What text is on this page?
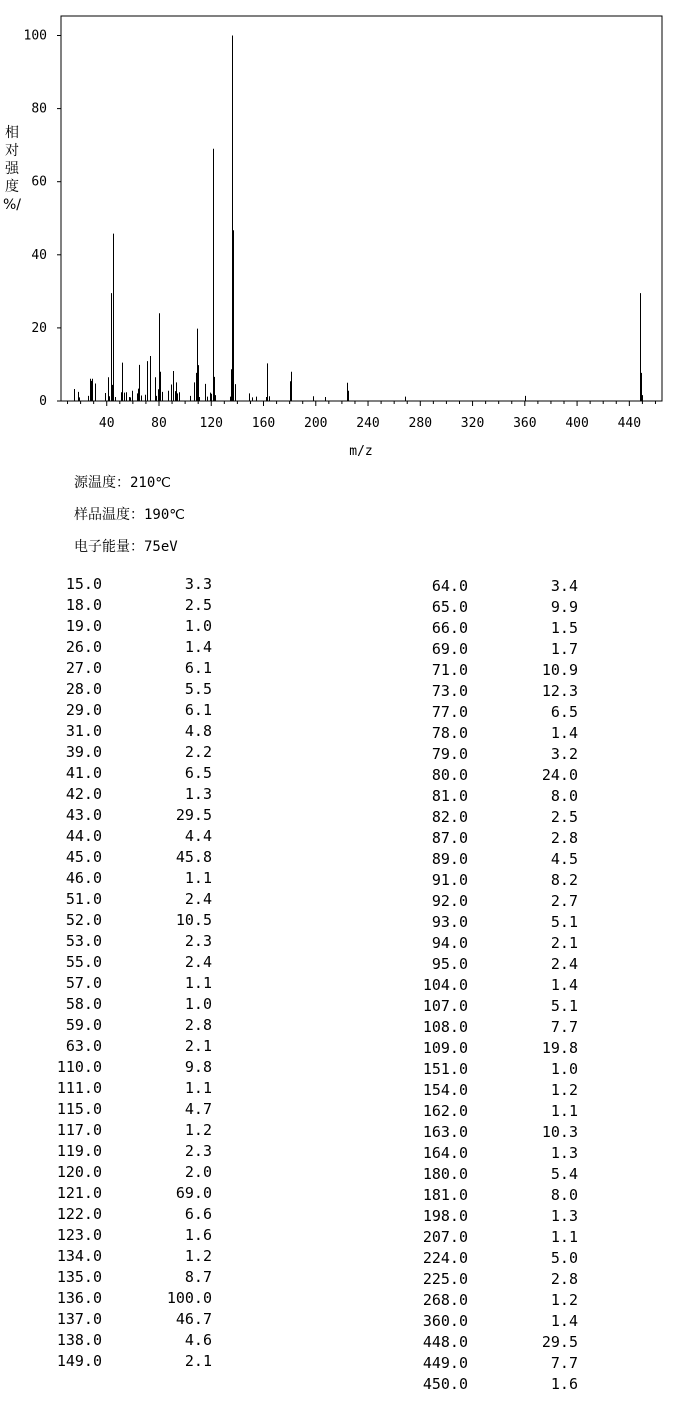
0
20
40
60
80
100
40	80	120 160 200 240 280 320 360 400 440
m/z
相
对
强
度
%/
源温度：210℃
样品温度：190℃
电子能量：75eV
15.0	3.3
18.0	2.5
19.0	1.0
26.0	1.4
27.0	6.1
28.0	5.5
29.0	6.1
31.0	4.8
39.0	2.2
41.0	6.5
42.0	1.3
43.0	29.5
44.0	4.4
45.0	45.8
46.0	1.1
51.0	2.4
52.0	10.5
53.0	2.3
55.0	2.4
57.0	1.1
58.0	1.0
59.0	2.8
63.0	2.1
110.0	9.8
111.0	1.1
115.0	4.7
117.0	1.2
119.0	2.3
120.0	2.0
121.0	69.0
122.0	6.6
123.0	1.6
134.0	1.2
135.0	8.7
136.0	100.0
137.0	46.7
138.0	4.6
149.0	2.1
64.0	3.4
65.0	9.9
66.0	1.5
69.0	1.7
71.0	10.9
73.0	12.3
77.0	6.5
78.0	1.4
79.0	3.2
80.0	24.0
81.0	8.0
82.0	2.5
87.0	2.8
89.0	4.5
91.0	8.2
92.0	2.7
93.0	5.1
94.0	2.1
95.0	2.4
104.0	1.4
107.0	5.1
108.0	7.7
109.0	19.8
151.0	1.0
154.0	1.2
162.0	1.1
163.0	10.3
164.0	1.3
180.0	5.4
181.0	8.0
198.0	1.3
207.0	1.1
224.0	5.0
225.0	2.8
268.0	1.2
360.0	1.4
448.0	29.5
449.0	7.7
450.0	1.6
